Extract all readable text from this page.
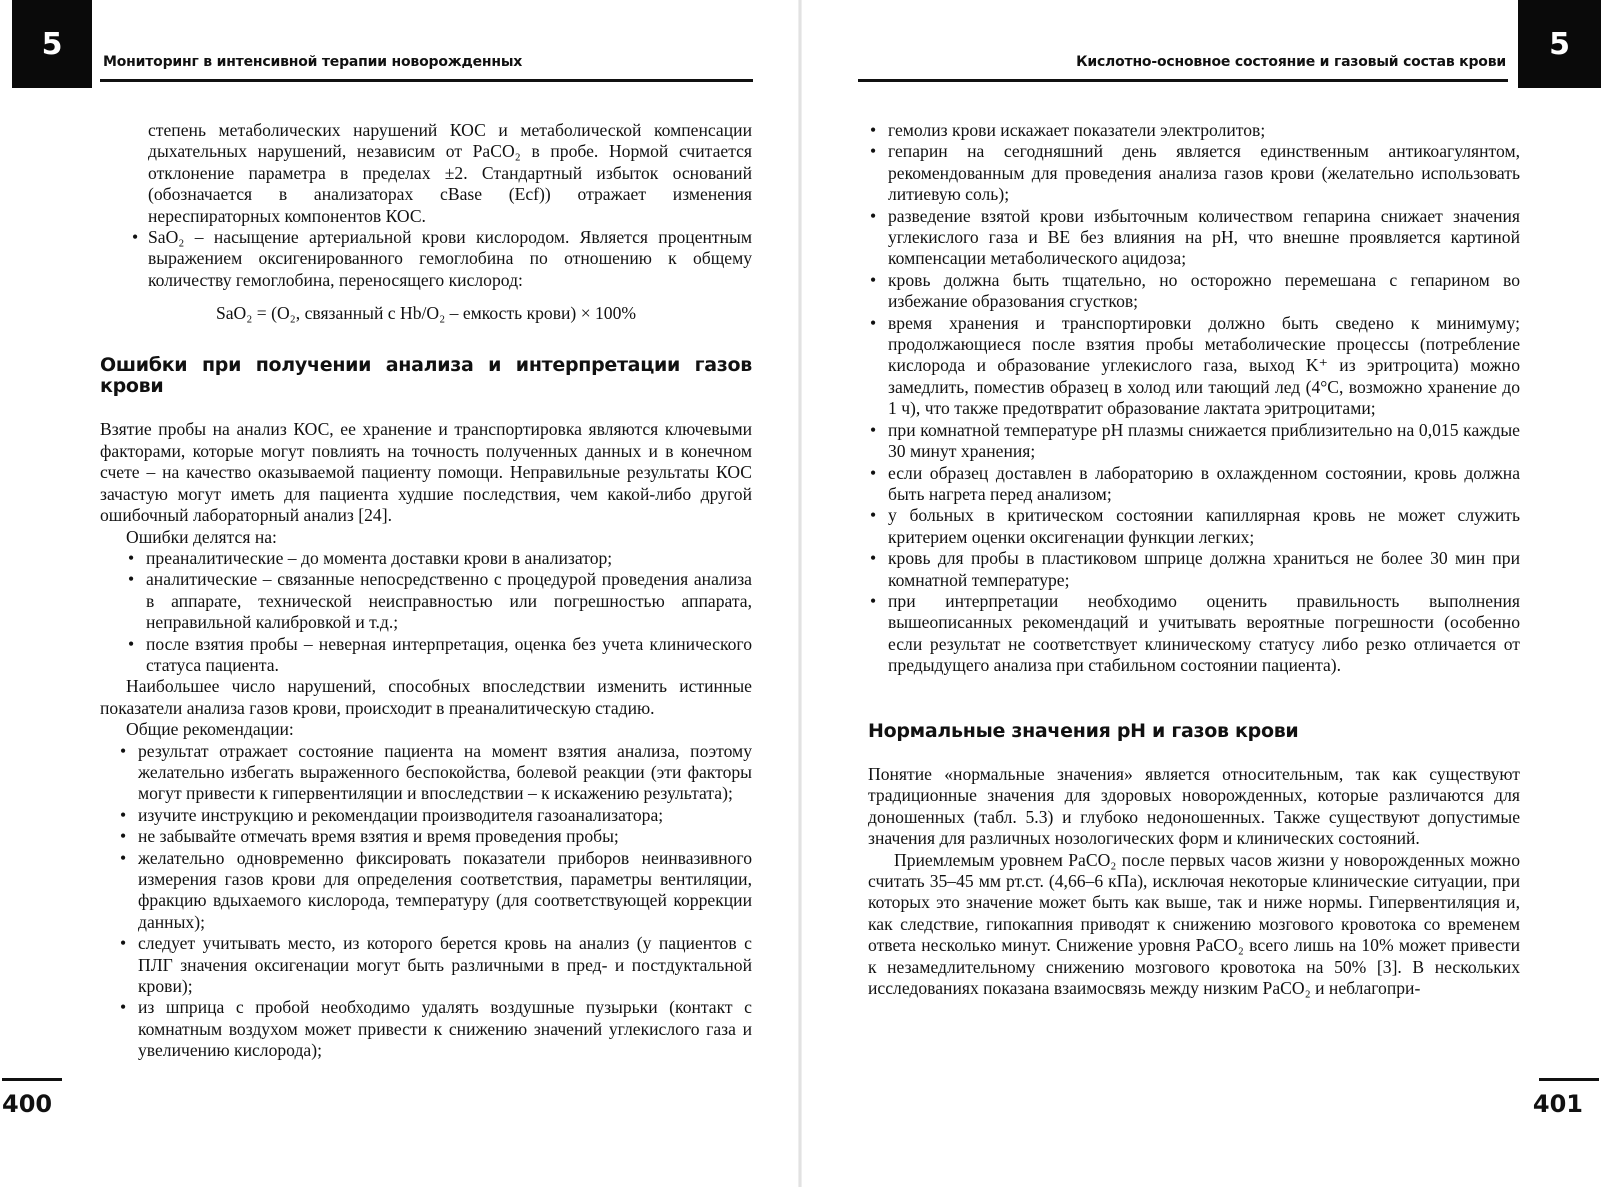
5
Мониторинг в интенсивной терапии новорожденных

степень метаболических нарушений КОС и метаболической компенсации дыхательных нарушений, независим от PaCO₂ в пробе. Нормой считается отклонение параметра в пределах ±2. Стандартный избыток оснований (обозначается в анализаторах cBase (Ecf)) отражает изменения нереспираторных компонентов КОС.

• SaO₂ – насыщение артериальной крови кислородом. Является процентным выражением оксигенированного гемоглобина по отношению к общему количеству гемоглобина, переносящего кислород:
SaO₂ = (O₂, связанный с Hb/O₂ – емкость крови) × 100%
Ошибки при получении анализа и интерпретации газов крови

Взятие пробы на анализ КОС, ее хранение и транспортировка являются ключевыми факторами, которые могут повлиять на точность полученных данных и в конечном счете – на качество оказываемой пациенту помощи. Неправильные результаты КОС зачастую могут иметь для пациента худшие последствия, чем какой-либо другой ошибочный лабораторный анализ [24].

Ошибки делятся на:

• преаналитические – до момента доставки крови в анализатор;
• аналитические – связанные непосредственно с процедурой проведения анализа в аппарате, технической неисправностью или погрешностью аппарата, неправильной калибровкой и т.д.;
• после взятия пробы – неверная интерпретация, оценка без учета клинического статуса пациента.

Наибольшее число нарушений, способных впоследствии изменить истинные показатели анализа газов крови, происходит в преаналитическую стадию.

Общие рекомендации:

• результат отражает состояние пациента на момент взятия анализа, поэтому желательно избегать выраженного беспокойства, болевой реакции (эти факторы могут привести к гипервентиляции и впоследствии – к искажению результата);
• изучите инструкцию и рекомендации производителя газоанализатора;
• не забывайте отмечать время взятия и время проведения пробы;
• желательно одновременно фиксировать показатели приборов неинвазивного измерения газов крови для определения соответствия, параметры вентиляции, фракцию вдыхаемого кислорода, температуру (для соответствующей коррекции данных);
• следует учитывать место, из которого берется кровь на анализ (у пациентов с ПЛГ значения оксигенации могут быть различными в пред- и постдуктальной крови);
• из шприца с пробой необходимо удалять воздушные пузырьки (контакт с комнатным воздухом может привести к снижению значений углекислого газа и увеличению кислорода);
400
Кислотно-основное состояние и газовый состав крови
5
• гемолиз крови искажает показатели электролитов;
• гепарин на сегодняшний день является единственным антикоагулянтом, рекомендованным для проведения анализа газов крови (желательно использовать литиевую соль);
• разведение взятой крови избыточным количеством гепарина снижает значения углекислого газа и BE без влияния на pH, что внешне проявляется картиной компенсации метаболического ацидоза;
• кровь должна быть тщательно, но осторожно перемешана с гепарином во избежание образования сгустков;
• время хранения и транспортировки должно быть сведено к минимуму; продолжающиеся после взятия пробы метаболические процессы (потребление кислорода и образование углекислого газа, выход K⁺ из эритроцита) можно замедлить, поместив образец в холод или тающий лед (4°C, возможно хранение до 1 ч), что также предотвратит образование лактата эритроцитами;
• при комнатной температуре pH плазмы снижается приблизительно на 0,015 каждые 30 минут хранения;
• если образец доставлен в лабораторию в охлажденном состоянии, кровь должна быть нагрета перед анализом;
• у больных в критическом состоянии капиллярная кровь не может служить критерием оценки оксигенации функции легких;
• кровь для пробы в пластиковом шприце должна храниться не более 30 мин при комнатной температуре;
• при интерпретации необходимо оценить правильность выполнения вышеописанных рекомендаций и учитывать вероятные погрешности (особенно если результат не соответствует клиническому статусу либо резко отличается от предыдущего анализа при стабильном состоянии пациента).
Нормальные значения pH и газов крови

Понятие «нормальные значения» является относительным, так как существуют традиционные значения для здоровых новорожденных, которые различаются для доношенных (табл. 5.3) и глубоко недоношенных. Также существуют допустимые значения для различных нозологических форм и клинических состояний.

Приемлемым уровнем PaCO₂ после первых часов жизни у новорожденных можно считать 35–45 мм рт.ст. (4,66–6 кПа), исключая некоторые клинические ситуации, при которых это значение может быть как выше, так и ниже нормы. Гипервентиляция и, как следствие, гипокапния приводят к снижению мозгового кровотока со временем ответа несколько минут. Снижение уровня PaCO₂ всего лишь на 10% может привести к незамедлительному снижению мозгового кровотока на 50% [3]. В нескольких исследованиях показана взаимосвязь между низким PaCO₂ и неблагопри-

401
